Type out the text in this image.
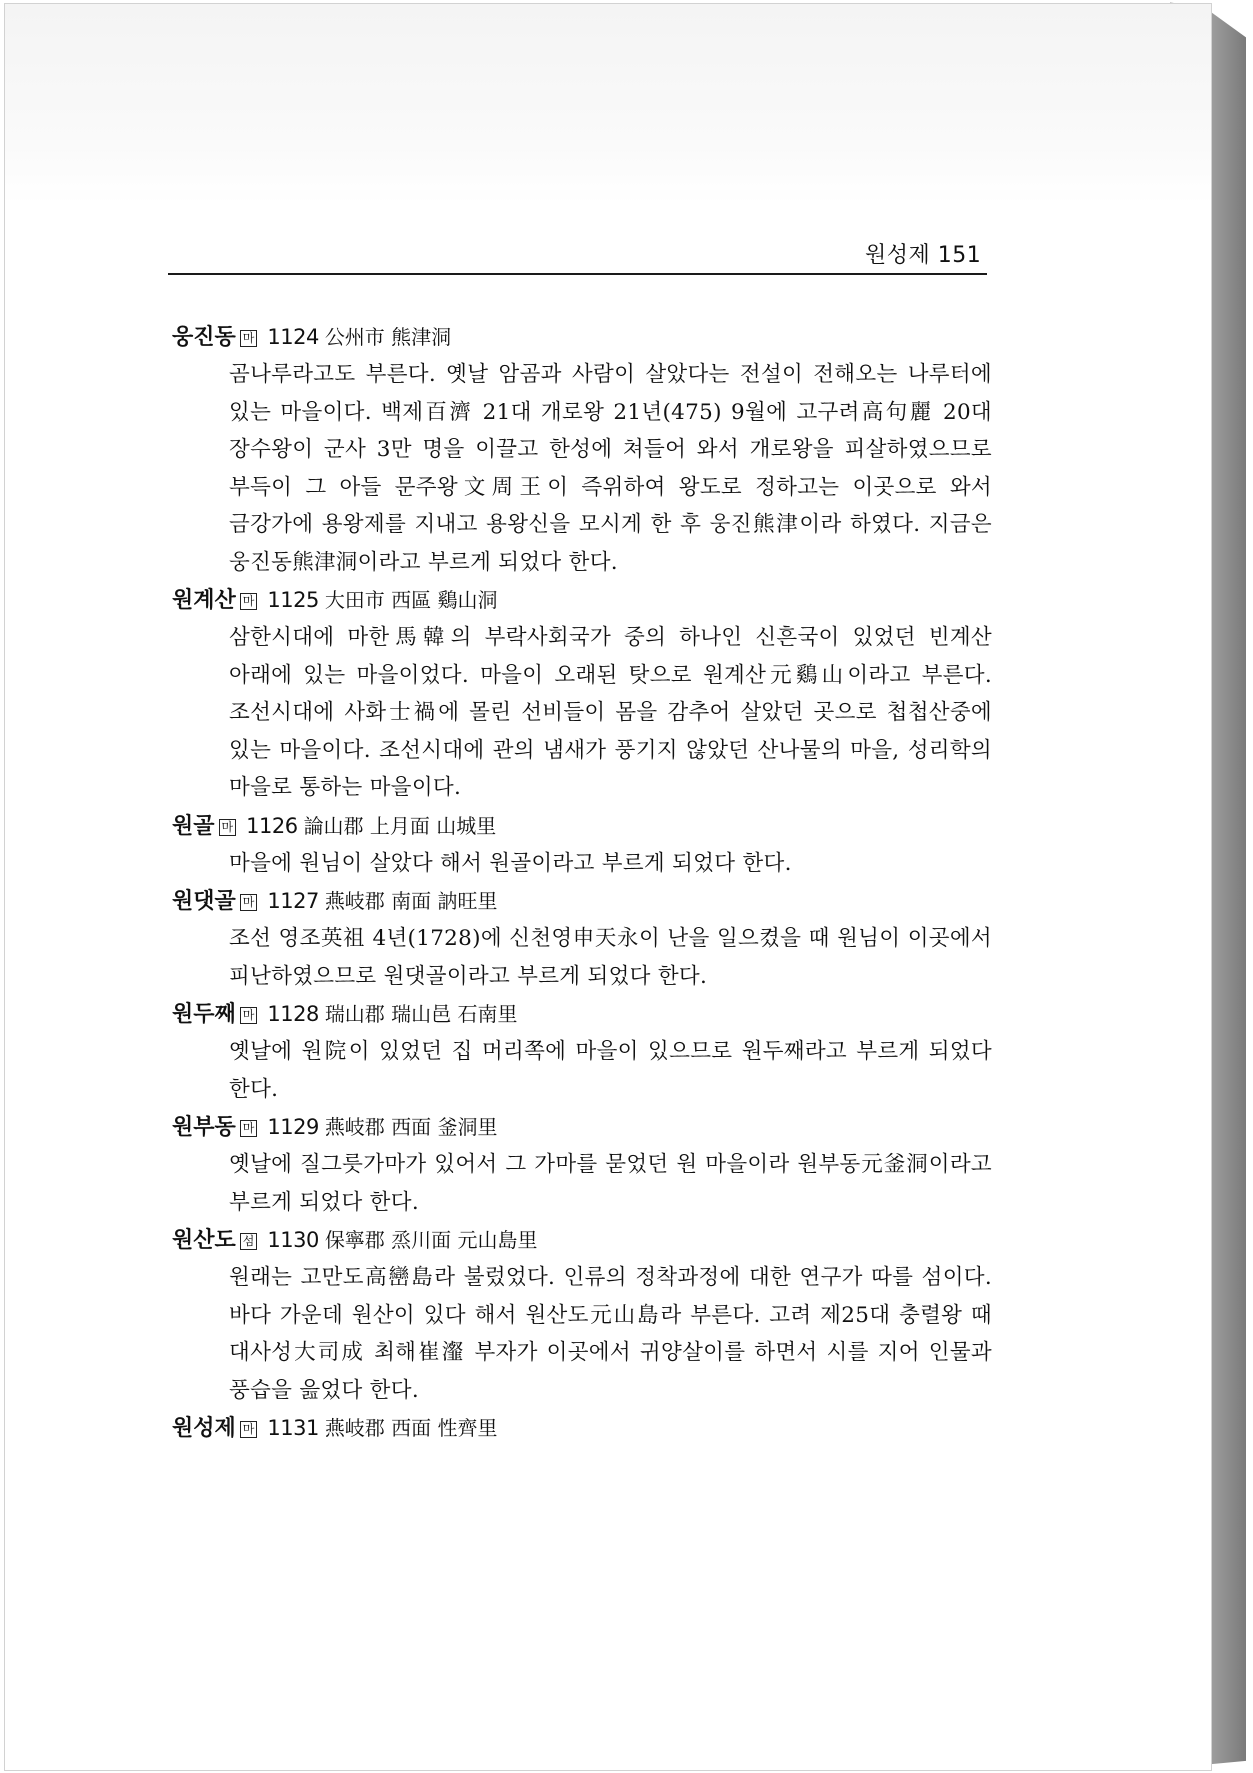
원성제 151
웅진동 마 1124 公州市 熊津洞
곰나루라고도 부른다. 옛날 암곰과 사람이 살았다는 전설이 전해오는 나루터에 있는 마을이다. 백제百濟 21대 개로왕 21년(475) 9월에 고구려高句麗 20대 장수왕이 군사 3만 명을 이끌고 한성에 쳐들어 와서 개로왕을 피살하였으므로 부득이 그 아들 문주왕文周王이 즉위하여 왕도로 정하고는 이곳으로 와서 금강가에 용왕제를 지내고 용왕신을 모시게 한 후 웅진熊津이라 하였다. 지금은 웅진동熊津洞이라고 부르게 되었다 한다.
원계산 마 1125 大田市 西區 鷄山洞
삼한시대에 마한馬韓의 부락사회국가 중의 하나인 신흔국이 있었던 빈계산 아래에 있는 마을이었다. 마을이 오래된 탓으로 원계산元鷄山이라고 부른다. 조선시대에 사화士禍에 몰린 선비들이 몸을 감추어 살았던 곳으로 첩첩산중에 있는 마을이다. 조선시대에 관의 냄새가 풍기지 않았던 산나물의 마을, 성리학의 마을로 통하는 마을이다.
원골 마 1126 論山郡 上月面 山城里
마을에 원님이 살았다 해서 원골이라고 부르게 되었다 한다.
원댓골 마 1127 燕岐郡 南面 訥旺里
조선 영조英祖 4년(1728)에 신천영申天永이 난을 일으켰을 때 원님이 이곳에서 피난하였으므로 원댓골이라고 부르게 되었다 한다.
원두째 마 1128 瑞山郡 瑞山邑 石南里
옛날에 원院이 있었던 집 머리쪽에 마을이 있으므로 원두째라고 부르게 되었다 한다.
원부동 마 1129 燕岐郡 西面 釜洞里
옛날에 질그릇가마가 있어서 그 가마를 묻었던 원 마을이라 원부동元釜洞이라고 부르게 되었다 한다.
원산도 섬 1130 保寧郡 烝川面 元山島里
원래는 고만도高巒島라 불렀었다. 인류의 정착과정에 대한 연구가 따를 섬이다. 바다 가운데 원산이 있다 해서 원산도元山島라 부른다. 고려 제25대 충렬왕 때 대사성大司成 최해崔瀣 부자가 이곳에서 귀양살이를 하면서 시를 지어 인물과 풍습을 읊었다 한다.
원성제 마 1131 燕岐郡 西面 性齊里
